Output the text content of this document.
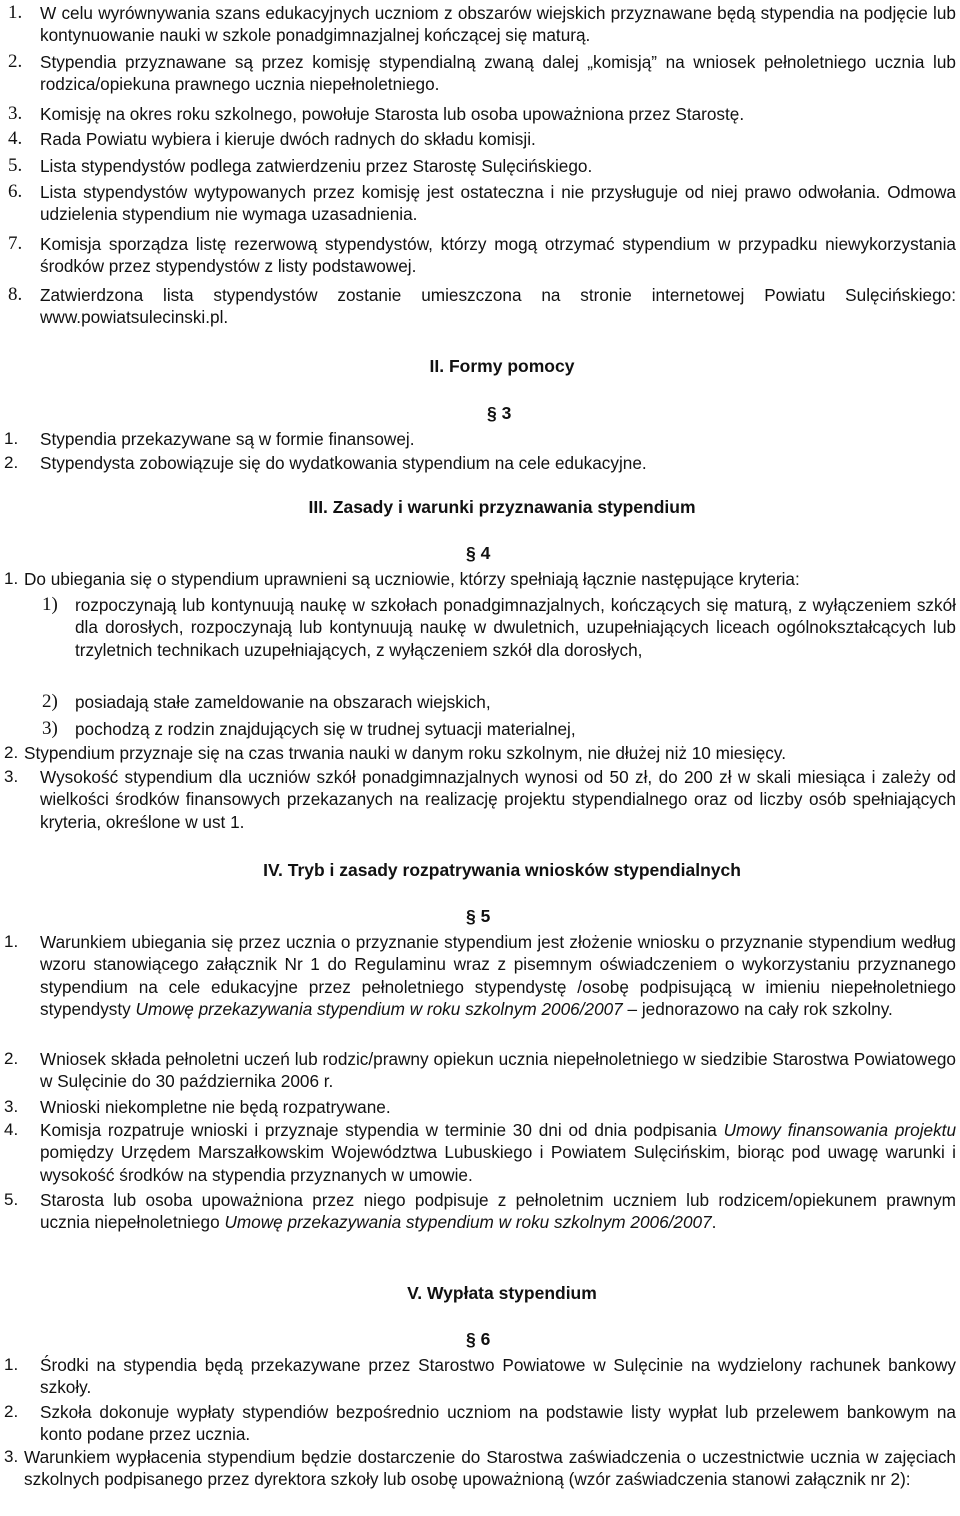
1. W celu wyrównywania szans edukacyjnych uczniom z obszarów wiejskich przyznawane będą stypendia na podjęcie lub kontynuowanie nauki w szkole ponadgimnazjalnej kończącej się maturą.
2. Stypendia przyznawane są przez komisję stypendialną zwaną dalej „komisją” na wniosek pełnoletniego ucznia lub rodzica/opiekuna prawnego ucznia niepełnoletniego.
3. Komisję na okres roku szkolnego, powołuje Starosta lub osoba upoważniona przez Starostę.
4. Rada Powiatu wybiera i kieruje dwóch radnych do składu komisji.
5. Lista stypendystów podlega zatwierdzeniu przez Starostę Sulęcińskiego.
6. Lista stypendystów wytypowanych przez komisję jest ostateczna i nie przysługuje od niej prawo odwołania. Odmowa udzielenia stypendium nie wymaga uzasadnienia.
7. Komisja sporządza listę rezerwową stypendystów, którzy mogą otrzymać stypendium w przypadku niewykorzystania środków przez stypendystów z listy podstawowej.
8. Zatwierdzona lista stypendystów zostanie umieszczona na stronie internetowej Powiatu Sulęcińskiego: www.powiatsulecinski.pl.
II. Formy pomocy
§ 3
1. Stypendia przekazywane są w formie finansowej.
2. Stypendysta zobowiązuje się do wydatkowania stypendium na cele edukacyjne.
III. Zasady i warunki przyznawania stypendium
§ 4
1. Do ubiegania się o stypendium uprawnieni są uczniowie, którzy spełniają łącznie następujące kryteria:
1) rozpoczynają lub kontynuują naukę w szkołach ponadgimnazjalnych, kończących się maturą, z wyłączeniem szkół dla dorosłych, rozpoczynają lub kontynuują naukę w dwuletnich, uzupełniających liceach ogólnokształcących lub trzyletnich technikach uzupełniających, z wyłączeniem szkół dla dorosłych,
2) posiadają stałe zameldowanie na obszarach wiejskich,
3) pochodzą z rodzin znajdujących się w trudnej sytuacji materialnej,
2. Stypendium przyznaje się na czas trwania nauki w danym roku szkolnym, nie dłużej niż 10 miesięcy.
3. Wysokość stypendium dla uczniów szkół ponadgimnazjalnych wynosi od 50 zł, do 200 zł w skali miesiąca i zależy od wielkości środków finansowych przekazanych na realizację projektu stypendialnego oraz od liczby osób spełniających kryteria, określone w ust 1.
IV. Tryb i zasady rozpatrywania wniosków stypendialnych
§ 5
1. Warunkiem ubiegania się przez ucznia o przyznanie stypendium jest złożenie wniosku o przyznanie stypendium według wzoru stanowiącego załącznik Nr 1 do Regulaminu wraz z pisemnym oświadczeniem o wykorzystaniu przyznanego stypendium na cele edukacyjne przez pełnoletniego stypendystę /osobę podpisującą w imieniu niepełnoletniego stypendysty Umowę przekazywania stypendium w roku szkolnym 2006/2007 – jednorazowo na cały rok szkolny.
2. Wniosek składa pełnoletni uczeń lub rodzic/prawny opiekun ucznia niepełnoletniego w siedzibie Starostwa Powiatowego w Sulęcinie do 30 października 2006 r.
3. Wnioski niekompletne nie będą rozpatrywane.
4. Komisja rozpatruje wnioski i przyznaje stypendia w terminie 30 dni od dnia podpisania Umowy finansowania projektu pomiędzy Urzędem Marszałkowskim Województwa Lubuskiego i Powiatem Sulęcińskim, biorąc pod uwagę warunki i wysokość środków na stypendia przyznanych w umowie.
5. Starosta lub osoba upoważniona przez niego podpisuje z pełnoletnim uczniem lub rodzicem/opiekunem prawnym ucznia niepełnoletniego Umowę przekazywania stypendium w roku szkolnym 2006/2007.
V. Wypłata stypendium
§ 6
1. Środki na stypendia będą przekazywane przez Starostwo Powiatowe w Sulęcinie na wydzielony rachunek bankowy szkoły.
2. Szkoła dokonuje wypłaty stypendiów bezpośrednio uczniom na podstawie listy wypłat lub przelewem bankowym na konto podane przez ucznia.
3. Warunkiem wypłacenia stypendium będzie dostarczenie do Starostwa zaświadczenia o uczestnictwie ucznia w zajęciach szkolnych podpisanego przez dyrektora szkoły lub osobę upoważnioną (wzór zaświadczenia stanowi załącznik nr 2):
